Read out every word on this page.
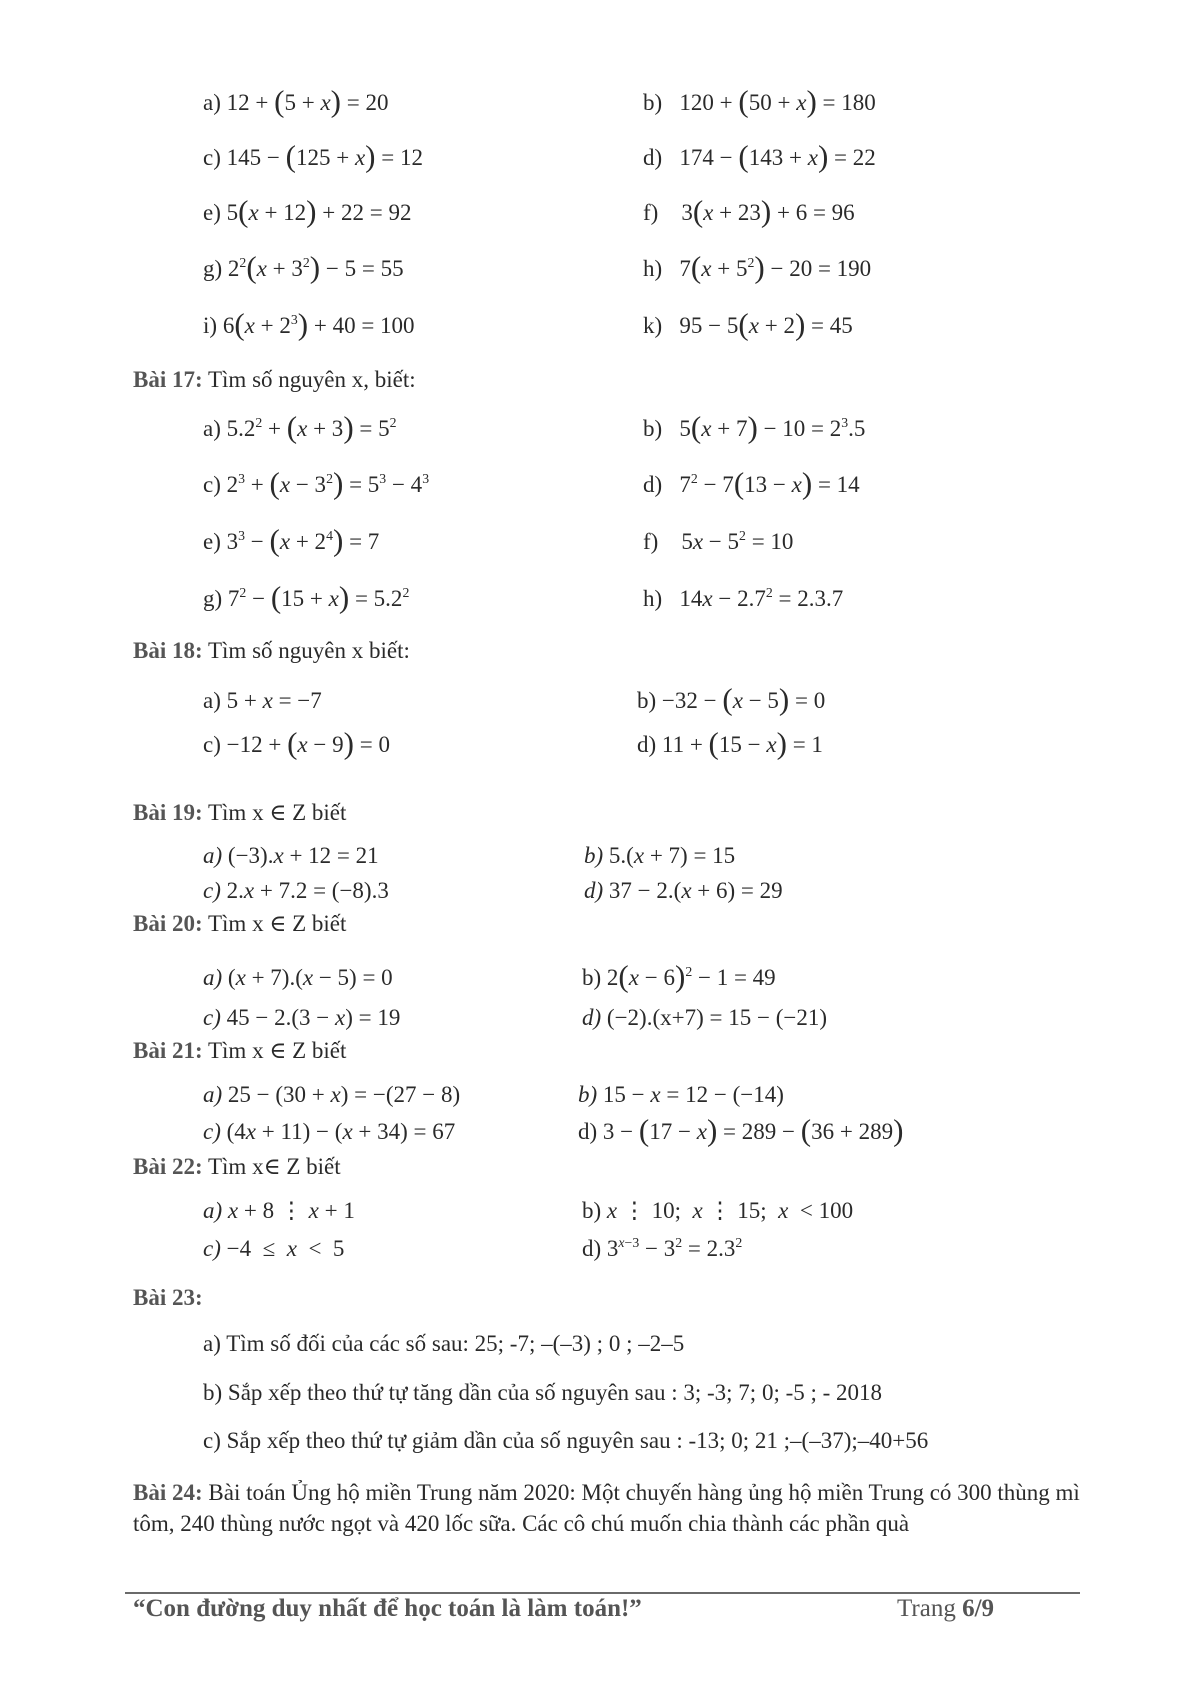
a) 12 + (5 + x) = 20	b)   120 + (50 + x) = 180
c) 145 − (125 + x) = 12	d)   174 − (143 + x) = 22
e) 5(x + 12) + 22 = 92	f)    3(x + 23) + 6 = 96
g) $2^2(x + 3^2) - 5 = 55$	h)   $7(x + 5^2) - 20 = 190$
i) $6(x + 2^3) + 40 = 100$	k)   95 − 5(x + 2) = 45
Bài 17: Tìm số nguyên x, biết:
a) $5.2^2 + (x + 3) = 5^2$	b)   $5(x + 7) - 10 = 2^3.5$
c) $2^3 + (x - 3^2) = 5^3 - 4^3$	d)   $7^2 - 7(13 - x) = 14$
e) $3^3 - (x + 2^4) = 7$	f)    $5x - 5^2 = 10$
g) $7^2 - (15 + x) = 5.2^2$	h)   $14x - 2.7^2 = 2.3.7$
Bài 18: Tìm số nguyên x biết:
a) 5 + x = −7	b) −32 − (x − 5) = 0
c) −12 + (x − 9) = 0	d) 11 + (15 − x) = 1
Bài 19: Tìm x ∈ Z biết
a) (−3).x + 12 = 21	b) 5.(x + 7) = 15
c) 2.x + 7.2 = (−8).3	d) 37 − 2.(x + 6) = 29
Bài 20: Tìm x ∈ Z biết
a) (x + 7).(x − 5) = 0	b) $2(x - 6)^2 - 1 = 49$
c) 45 − 2.(3 − x) = 19	d) (−2).(x+7) = 15 − (−21)
Bài 21: Tìm x ∈ Z biết
a) 25 − (30 + x) = −(27 − 8)	b) 15 − x = 12 − (−14)
c) (4x + 11) − (x + 34) = 67	d) 3 − (17 − x) = 289 − (36 + 289)
Bài 22: Tìm x∈ Z biết
a) x + 8 ⋮ x + 1	b) x ⋮ 10;  x ⋮ 15;  x  < 100
c) −4  ≤  x  <  5	d) $3^{x-3} - 3^2 = 2.3^2$
Bài 23:
a) Tìm số đối của các số sau: 25; -7; –(–3) ; 0 ; –2–5
b) Sắp xếp theo thứ tự tăng dần của số nguyên sau : 3; -3; 7; 0; -5 ; - 2018
c) Sắp xếp theo thứ tự giảm dần của số nguyên sau : -13; 0; 21 ;–(–37);–40+56
Bài 24: Bài toán Ủng hộ miền Trung năm 2020: Một chuyến hàng ủng hộ miền Trung có 300 thùng mì tôm, 240 thùng nước ngọt và 420 lốc sữa. Các cô chú muốn chia thành các phần quà
“Con đường duy nhất để học toán là làm toán!”	Trang 6/9
